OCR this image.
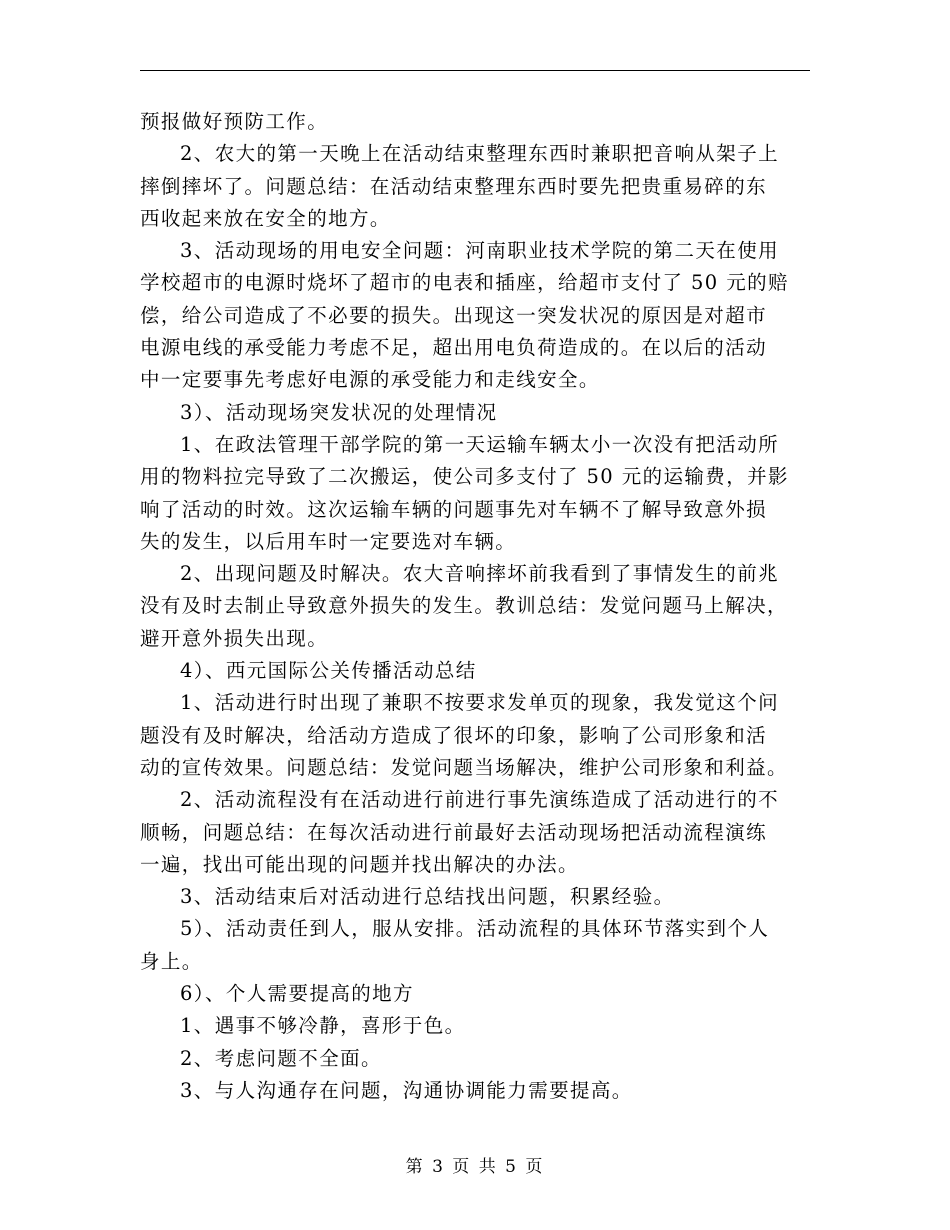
预报做好预防工作。
2、农大的第一天晚上在活动结束整理东西时兼职把音响从架子上
摔倒摔坏了。问题总结：在活动结束整理东西时要先把贵重易碎的东
西收起来放在安全的地方。
3、活动现场的用电安全问题：河南职业技术学院的第二天在使用
学校超市的电源时烧坏了超市的电表和插座，给超市支付了 50 元的赔
偿，给公司造成了不必要的损失。出现这一突发状况的原因是对超市
电源电线的承受能力考虑不足，超出用电负荷造成的。在以后的活动
中一定要事先考虑好电源的承受能力和走线安全。
3）、活动现场突发状况的处理情况
1、在政法管理干部学院的第一天运输车辆太小一次没有把活动所
用的物料拉完导致了二次搬运，使公司多支付了 50 元的运输费，并影
响了活动的时效。这次运输车辆的问题事先对车辆不了解导致意外损
失的发生，以后用车时一定要选对车辆。
2、出现问题及时解决。农大音响摔坏前我看到了事情发生的前兆
没有及时去制止导致意外损失的发生。教训总结：发觉问题马上解决，
避开意外损失出现。
4）、西元国际公关传播活动总结
1、活动进行时出现了兼职不按要求发单页的现象，我发觉这个问
题没有及时解决，给活动方造成了很坏的印象，影响了公司形象和活
动的宣传效果。问题总结：发觉问题当场解决，维护公司形象和利益。
2、活动流程没有在活动进行前进行事先演练造成了活动进行的不
顺畅，问题总结：在每次活动进行前最好去活动现场把活动流程演练
一遍，找出可能出现的问题并找出解决的办法。
3、活动结束后对活动进行总结找出问题，积累经验。
5）、活动责任到人，服从安排。活动流程的具体环节落实到个人
身上。
6）、个人需要提高的地方
1、遇事不够冷静，喜形于色。
2、考虑问题不全面。
3、与人沟通存在问题，沟通协调能力需要提高。
第 3 页 共 5 页
